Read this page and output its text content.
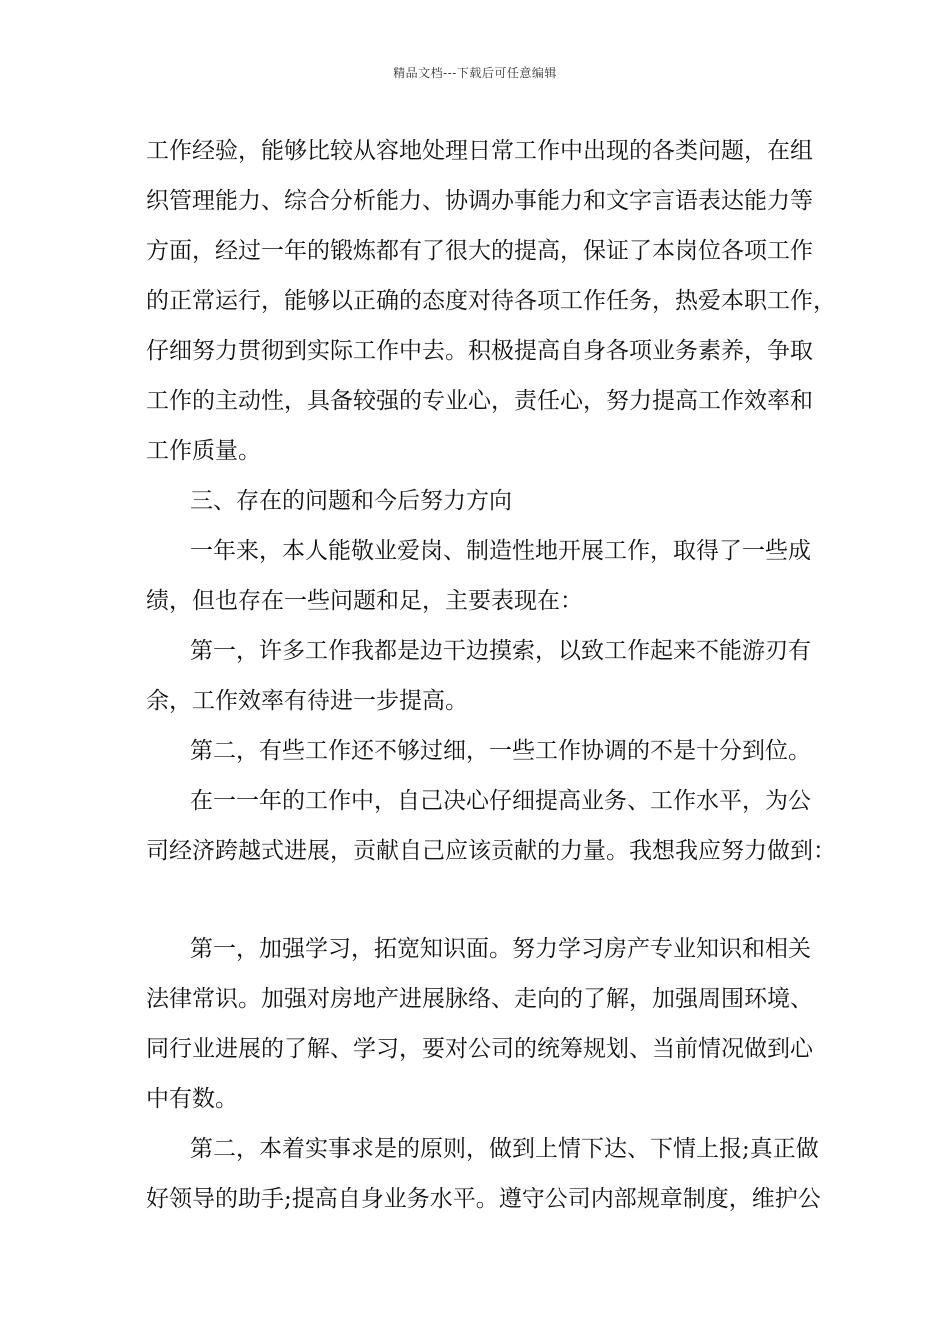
精品文档---下载后可任意编辑
工作经验，能够比较从容地处理日常工作中出现的各类问题，在组
织管理能力、综合分析能力、协调办事能力和文字言语表达能力等
方面，经过一年的锻炼都有了很大的提高，保证了本岗位各项工作
的正常运行，能够以正确的态度对待各项工作任务，热爱本职工作，
仔细努力贯彻到实际工作中去。积极提高自身各项业务素养，争取
工作的主动性，具备较强的专业心，责任心，努力提高工作效率和
工作质量。
三、存在的问题和今后努力方向
一年来，本人能敬业爱岗、制造性地开展工作，取得了一些成
绩，但也存在一些问题和足，主要表现在：
第一，许多工作我都是边干边摸索，以致工作起来不能游刃有
余，工作效率有待进一步提高。
第二，有些工作还不够过细，一些工作协调的不是十分到位。
在一一年的工作中，自己决心仔细提高业务、工作水平，为公
司经济跨越式进展，贡献自己应该贡献的力量。我想我应努力做到：
第一，加强学习，拓宽知识面。努力学习房产专业知识和相关
法律常识。加强对房地产进展脉络、走向的了解，加强周围环境、
同行业进展的了解、学习，要对公司的统筹规划、当前情况做到心
中有数。
第二，本着实事求是的原则，做到上情下达、下情上报;真正做
好领导的助手;提高自身业务水平。遵守公司内部规章制度，维护公
